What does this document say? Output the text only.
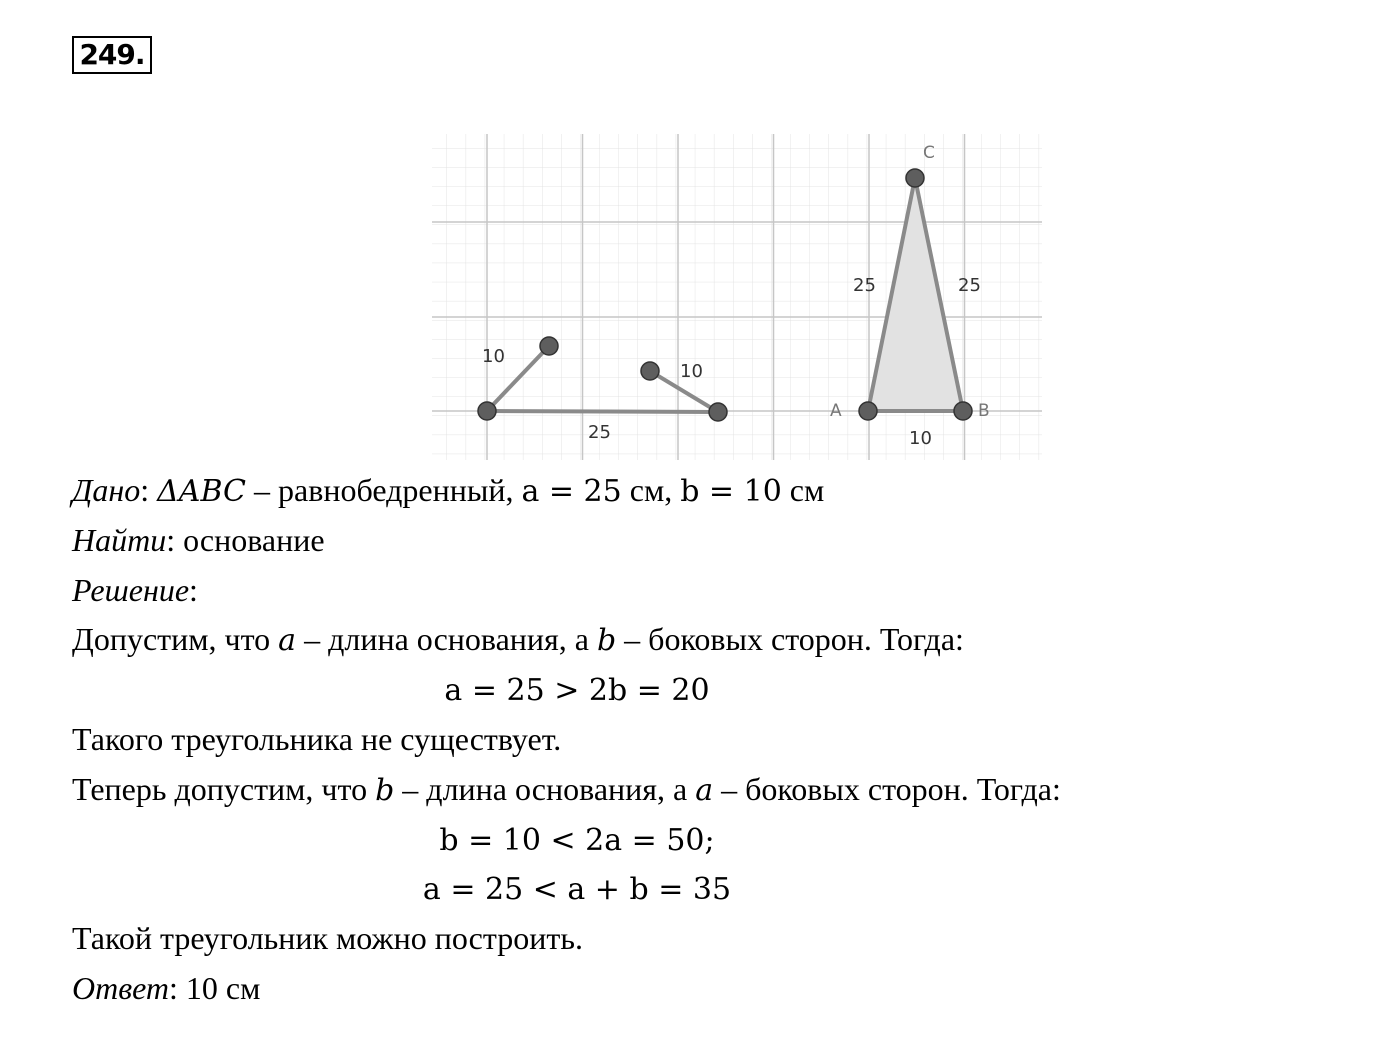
249.
10
25
10
25	25
10
A	B
C
Дано: ΔABC – равнобедренный, a = 25 см, b = 10 см
Найти: основание
Решение:
Допустим, что a – длина основания, а b – боковых сторон. Тогда:
a = 25 > 2b = 20
Такого треугольника не существует.
Теперь допустим, что b – длина основания, а a – боковых сторон. Тогда:
b = 10 < 2a = 50;
a = 25 < a + b = 35
Такой треугольник можно построить.
Ответ: 10 см
